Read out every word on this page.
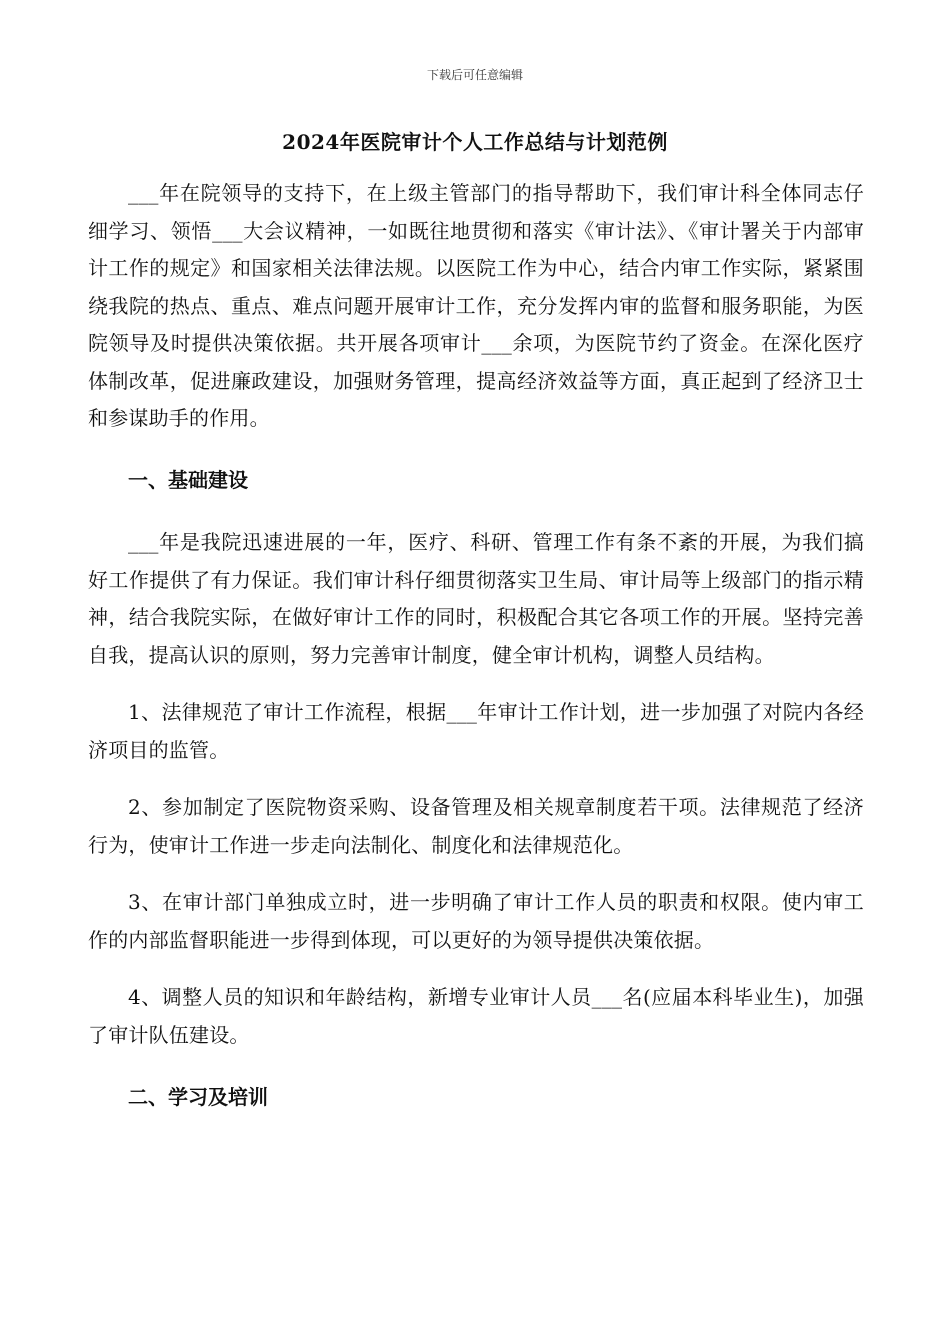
下载后可任意编辑
2024年医院审计个人工作总结与计划范例

___年在院领导的支持下，在上级主管部门的指导帮助下，我们审计科全体同志仔细学习、领悟___大会议精神，一如既往地贯彻和落实《审计法》、《审计署关于内部审计工作的规定》和国家相关法律法规。以医院工作为中心，结合内审工作实际，紧紧围绕我院的热点、重点、难点问题开展审计工作，充分发挥内审的监督和服务职能，为医院领导及时提供决策依据。共开展各项审计___余项，为医院节约了资金。在深化医疗体制改革，促进廉政建设，加强财务管理，提高经济效益等方面，真正起到了经济卫士和参谋助手的作用。

一、基础建设

___年是我院迅速进展的一年，医疗、科研、管理工作有条不紊的开展，为我们搞好工作提供了有力保证。我们审计科仔细贯彻落实卫生局、审计局等上级部门的指示精神，结合我院实际，在做好审计工作的同时，积极配合其它各项工作的开展。坚持完善自我，提高认识的原则，努力完善审计制度，健全审计机构，调整人员结构。

1、法律规范了审计工作流程，根据___年审计工作计划，进一步加强了对院内各经济项目的监管。

2、参加制定了医院物资采购、设备管理及相关规章制度若干项。法律规范了经济行为，使审计工作进一步走向法制化、制度化和法律规范化。

3、在审计部门单独成立时，进一步明确了审计工作人员的职责和权限。使内审工作的内部监督职能进一步得到体现，可以更好的为领导提供决策依据。

4、调整人员的知识和年龄结构，新增专业审计人员___名(应届本科毕业生)，加强了审计队伍建设。

二、学习及培训
